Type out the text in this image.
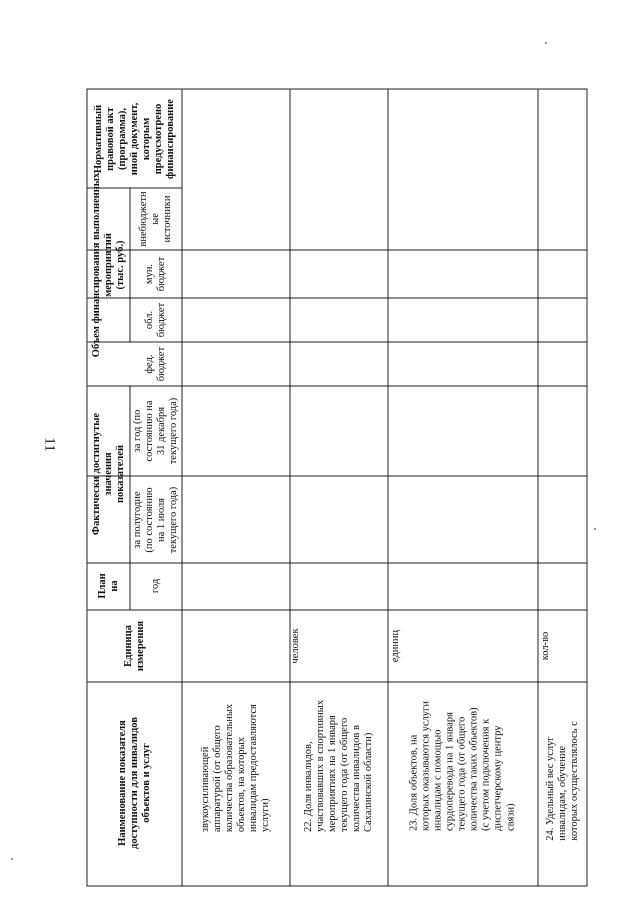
11
Наименование показателя
доступности для инвалидов
объектов и услуг
Единица
измерения
План
на	год
Фактически достигнутые
значения
показателей
за полугодие
(по состоянию
на 1 июля
текущего года)
за год (по
состоянию на
31 декабря
текущего года)
Объем финансирования выполненных
мероприятий
(тыс. руб.)
фед.
бюджет
обл.
бюджет
мун.
бюджет
внебюджетн
ые
источники
Нормативный
правовой акт
(программа),
иной документ,
которым
предусмотрено
финансирование
звукоусиливающей
аппаратурой (от общего
количества образовательных
объектов, на которых
инвалидам предоставляются
услуги)	22. Доля инвалидов,
участвовавших в спортивных
мероприятиях на 1 января
текущего года (от общего
количества инвалидов в
Сахалинской области)
человек
23. Доля объектов, на
которых оказываются услуги
инвалидам с помощью
сурдоперевода на 1 января
текущего года (от общего
количества таких объектов)
(с учетом подключения к
диспетчерскому центру
связи)
единиц
24. Удельный вес услуг
инвалидам, обучение
которых осуществлялось с
кол-во
